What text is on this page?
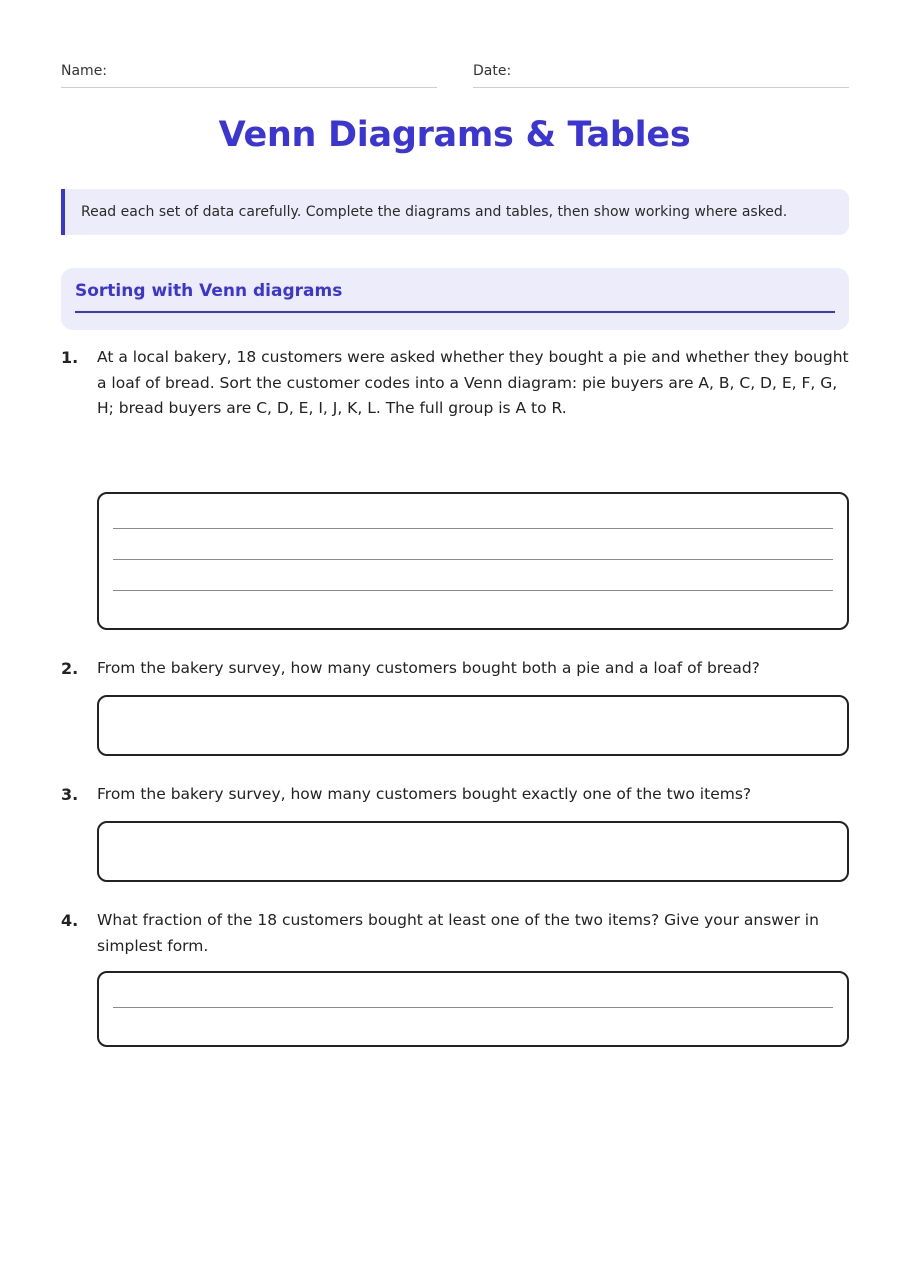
Name:	Date:
Venn Diagrams & Tables
Read each set of data carefully. Complete the diagrams and tables, then show working where asked.
Sorting with Venn diagrams
1. At a local bakery, 18 customers were asked whether they bought a pie and whether they bought a loaf of bread. Sort the customer codes into a Venn diagram: pie buyers are A, B, C, D, E, F, G, H; bread buyers are C, D, E, I, J, K, L. The full group is A to R.
2. From the bakery survey, how many customers bought both a pie and a loaf of bread?
3. From the bakery survey, how many customers bought exactly one of the two items?
4. What fraction of the 18 customers bought at least one of the two items? Give your answer in simplest form.
